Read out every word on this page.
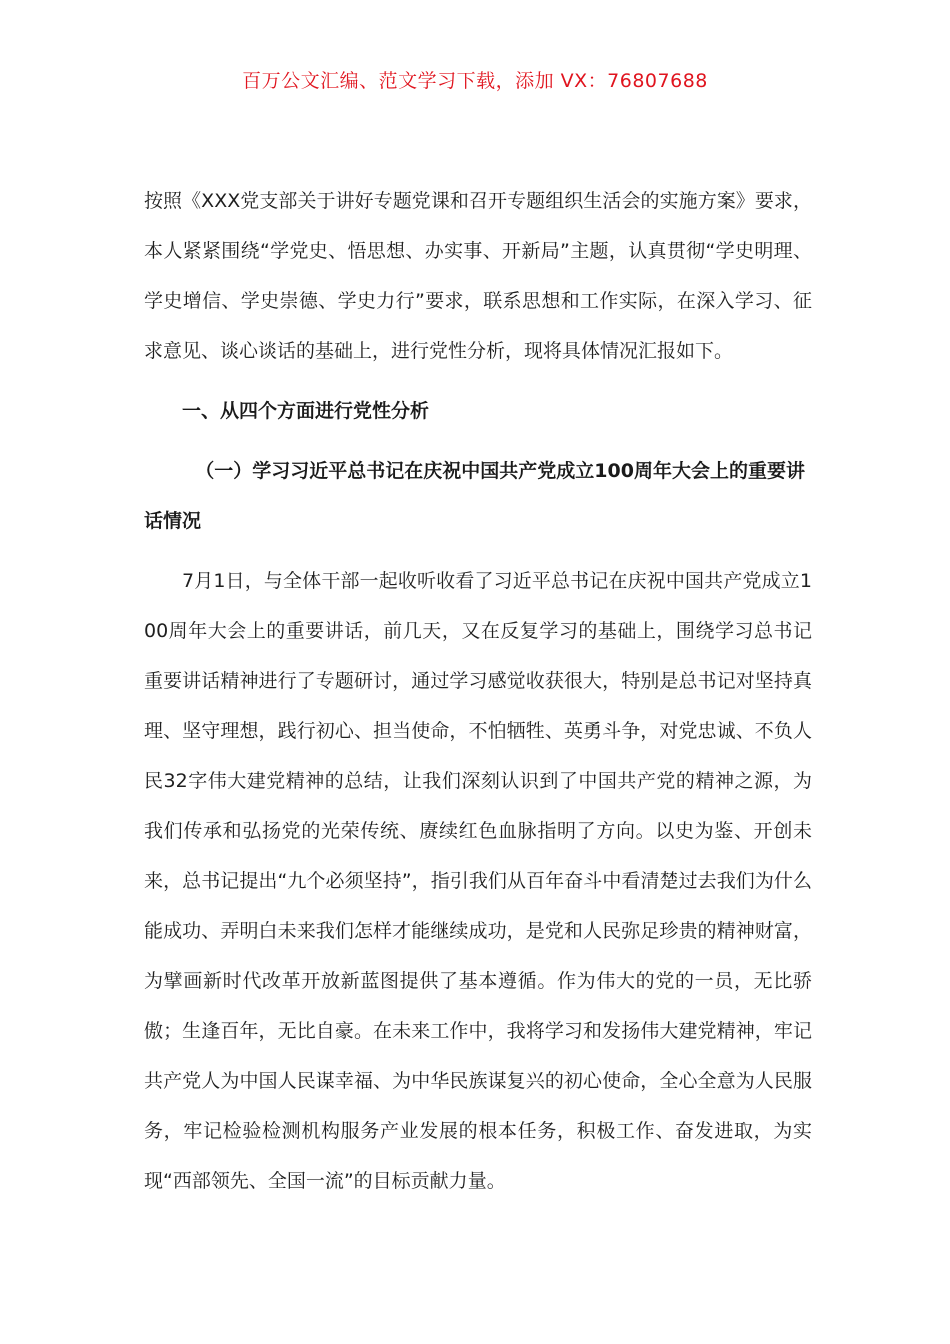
百万公文汇编、范文学习下载，添加 VX：76807688

按照《XXX党支部关于讲好专题党课和召开专题组织生活会的实施方案》要求，本人紧紧围绕“学党史、悟思想、办实事、开新局”主题，认真贯彻“学史明理、学史增信、学史崇德、学史力行”要求，联系思想和工作实际，在深入学习、征求意见、谈心谈话的基础上，进行党性分析，现将具体情况汇报如下。

一、从四个方面进行党性分析

（一）学习习近平总书记在庆祝中国共产党成立100周年大会上的重要讲话情况

7月1日，与全体干部一起收听收看了习近平总书记在庆祝中国共产党成立100周年大会上的重要讲话，前几天，又在反复学习的基础上，围绕学习总书记重要讲话精神进行了专题研讨，通过学习感觉收获很大，特别是总书记对坚持真理、坚守理想，践行初心、担当使命，不怕牺牲、英勇斗争，对党忠诚、不负人民32字伟大建党精神的总结，让我们深刻认识到了中国共产党的精神之源，为我们传承和弘扬党的光荣传统、赓续红色血脉指明了方向。以史为鉴、开创未来，总书记提出“九个必须坚持”，指引我们从百年奋斗中看清楚过去我们为什么能成功、弄明白未来我们怎样才能继续成功，是党和人民弥足珍贵的精神财富，为擘画新时代改革开放新蓝图提供了基本遵循。作为伟大的党的一员，无比骄傲；生逢百年，无比自豪。在未来工作中，我将学习和发扬伟大建党精神，牢记共产党人为中国人民谋幸福、为中华民族谋复兴的初心使命，全心全意为人民服务，牢记检验检测机构服务产业发展的根本任务，积极工作、奋发进取，为实现“西部领先、全国一流”的目标贡献力量。
